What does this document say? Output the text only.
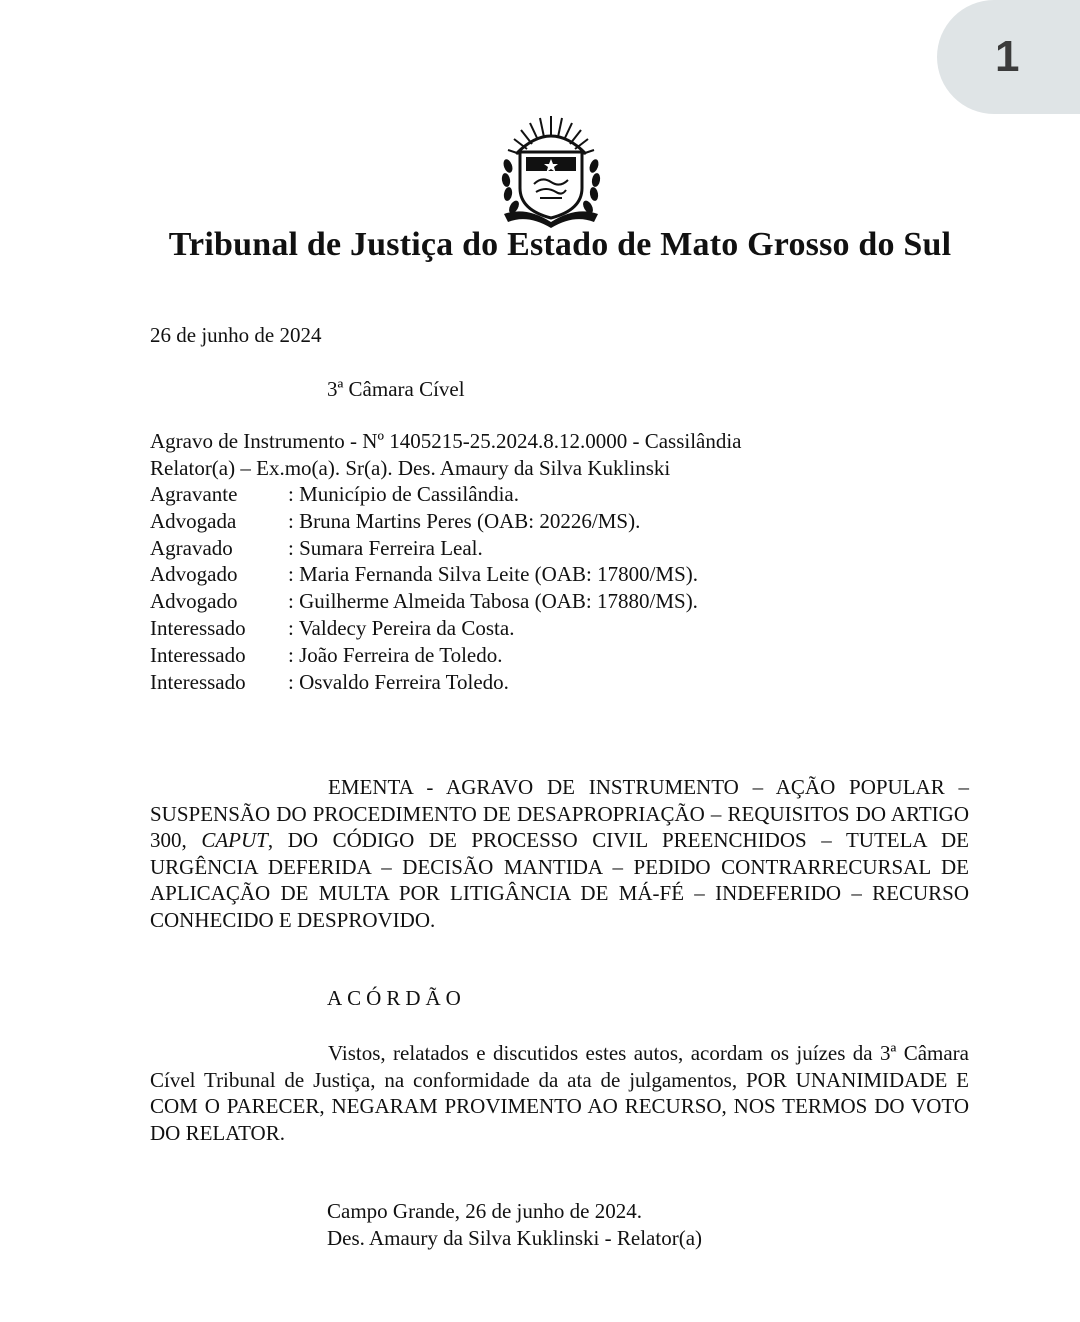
1
Tribunal de Justiça do Estado de Mato Grosso do Sul
26 de junho de 2024
3ª Câmara Cível
Agravo de Instrumento - Nº 1405215-25.2024.8.12.0000 - Cassilândia
Relator(a) – Ex.mo(a). Sr(a). Des. Amaury da Silva Kuklinski
Agravante	: Município de Cassilândia.
Advogada	: Bruna Martins Peres (OAB: 20226/MS).
Agravado	: Sumara Ferreira Leal.
Advogado	: Maria Fernanda Silva Leite (OAB: 17800/MS).
Advogado	: Guilherme Almeida Tabosa (OAB: 17880/MS).
Interessado	: Valdecy Pereira da Costa.
Interessado	: João Ferreira de Toledo.
Interessado	: Osvaldo Ferreira Toledo.
EMENTA - AGRAVO DE INSTRUMENTO – AÇÃO POPULAR – SUSPENSÃO DO PROCEDIMENTO DE DESAPROPRIAÇÃO – REQUISITOS DO ARTIGO 300, CAPUT, DO CÓDIGO DE PROCESSO CIVIL PREENCHIDOS – TUTELA DE URGÊNCIA DEFERIDA – DECISÃO MANTIDA – PEDIDO CONTRARRECURSAL DE APLICAÇÃO DE MULTA POR LITIGÂNCIA DE MÁ-FÉ – INDEFERIDO – RECURSO CONHECIDO E DESPROVIDO.
ACÓRDÃO
Vistos, relatados e discutidos estes autos, acordam os juízes da 3ª Câmara Cível Tribunal de Justiça, na conformidade da ata de julgamentos, POR UNANIMIDADE E COM O PARECER, NEGARAM PROVIMENTO AO RECURSO, NOS TERMOS DO VOTO DO RELATOR.
Campo Grande, 26 de junho de 2024.
Des. Amaury da Silva Kuklinski - Relator(a)
